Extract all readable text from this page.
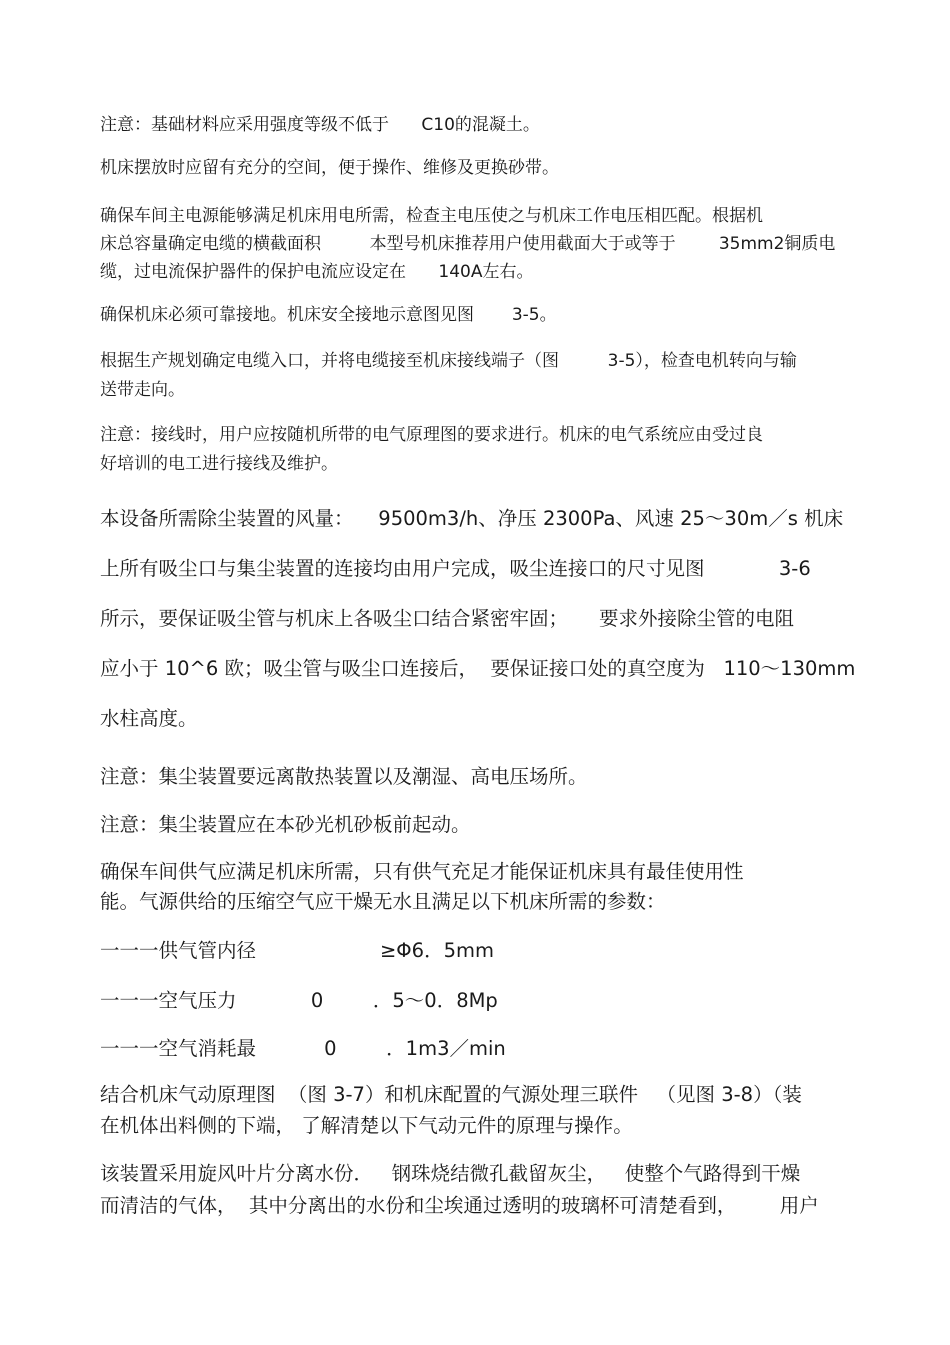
注意：基础材料应采用强度等级不低于      C10的混凝土。
机床摆放时应留有充分的空间，便于操作、维修及更换砂带。
确保车间主电源能够满足机床用电所需，检查主电压使之与机床工作电压相匹配。根据机
床总容量确定电缆的横截面积         本型号机床推荐用户使用截面大于或等于        35mm2铜质电
缆，过电流保护器件的保护电流应设定在      140A左右。
确保机床必须可靠接地。机床安全接地示意图见图       3-5。
根据生产规划确定电缆入口，并将电缆接至机床接线端子（图         3-5），检查电机转向与输
送带走向。
注意：接线时，用户应按随机所带的电气原理图的要求进行。机床的电气系统应由受过良
好培训的电工进行接线及维护。
本设备所需除尘装置的风量：    9500m3/h、净压 2300Pa、风速 25～30m／s 机床
上所有吸尘口与集尘装置的连接均由用户完成，吸尘连接口的尺寸见图            3-6
所示，要保证吸尘管与机床上各吸尘口结合紧密牢固；     要求外接除尘管的电阻
应小于 10^6 欧；吸尘管与吸尘口连接后，  要保证接口处的真空度为   110～130mm
水柱高度。
注意：集尘装置要远离散热装置以及潮湿、高电压场所。
注意：集尘装置应在本砂光机砂板前起动。
确保车间供气应满足机床所需，只有供气充足才能保证机床具有最佳使用性
能。气源供给的压缩空气应干燥无水且满足以下机床所需的参数：
一一一供气管内径                    ≥Φ6．5mm
一一一空气压力            0        ．5～0．8Mp
一一一空气消耗最           0        ．1m3／min
结合机床气动原理图  （图 3-7）和机床配置的气源处理三联件   （见图 3-8）（装
在机体出料侧的下端， 了解清楚以下气动元件的原理与操作。
该装置采用旋风叶片分离水份．   钢珠烧结微孔截留灰尘，   使整个气路得到干燥
而清洁的气体，  其中分离出的水份和尘埃通过透明的玻璃杯可清楚看到，       用户
